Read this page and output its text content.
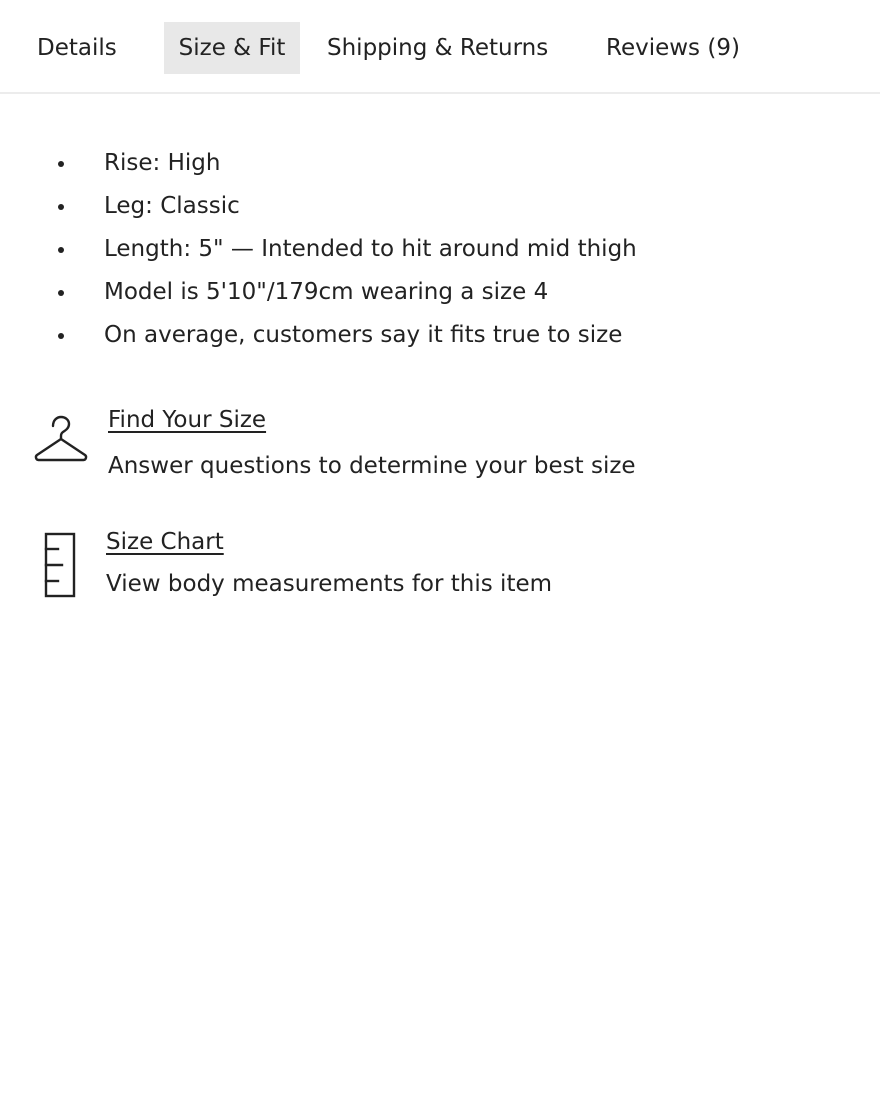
Details	Size & Fit	Shipping & Returns	Reviews (9)
Rise: High
Leg: Classic
Length: 5" — Intended to hit around mid thigh
Model is 5'10"/179cm wearing a size 4
On average, customers say it fits true to size
Find Your Size
Answer questions to determine your best size
Size Chart
View body measurements for this item
